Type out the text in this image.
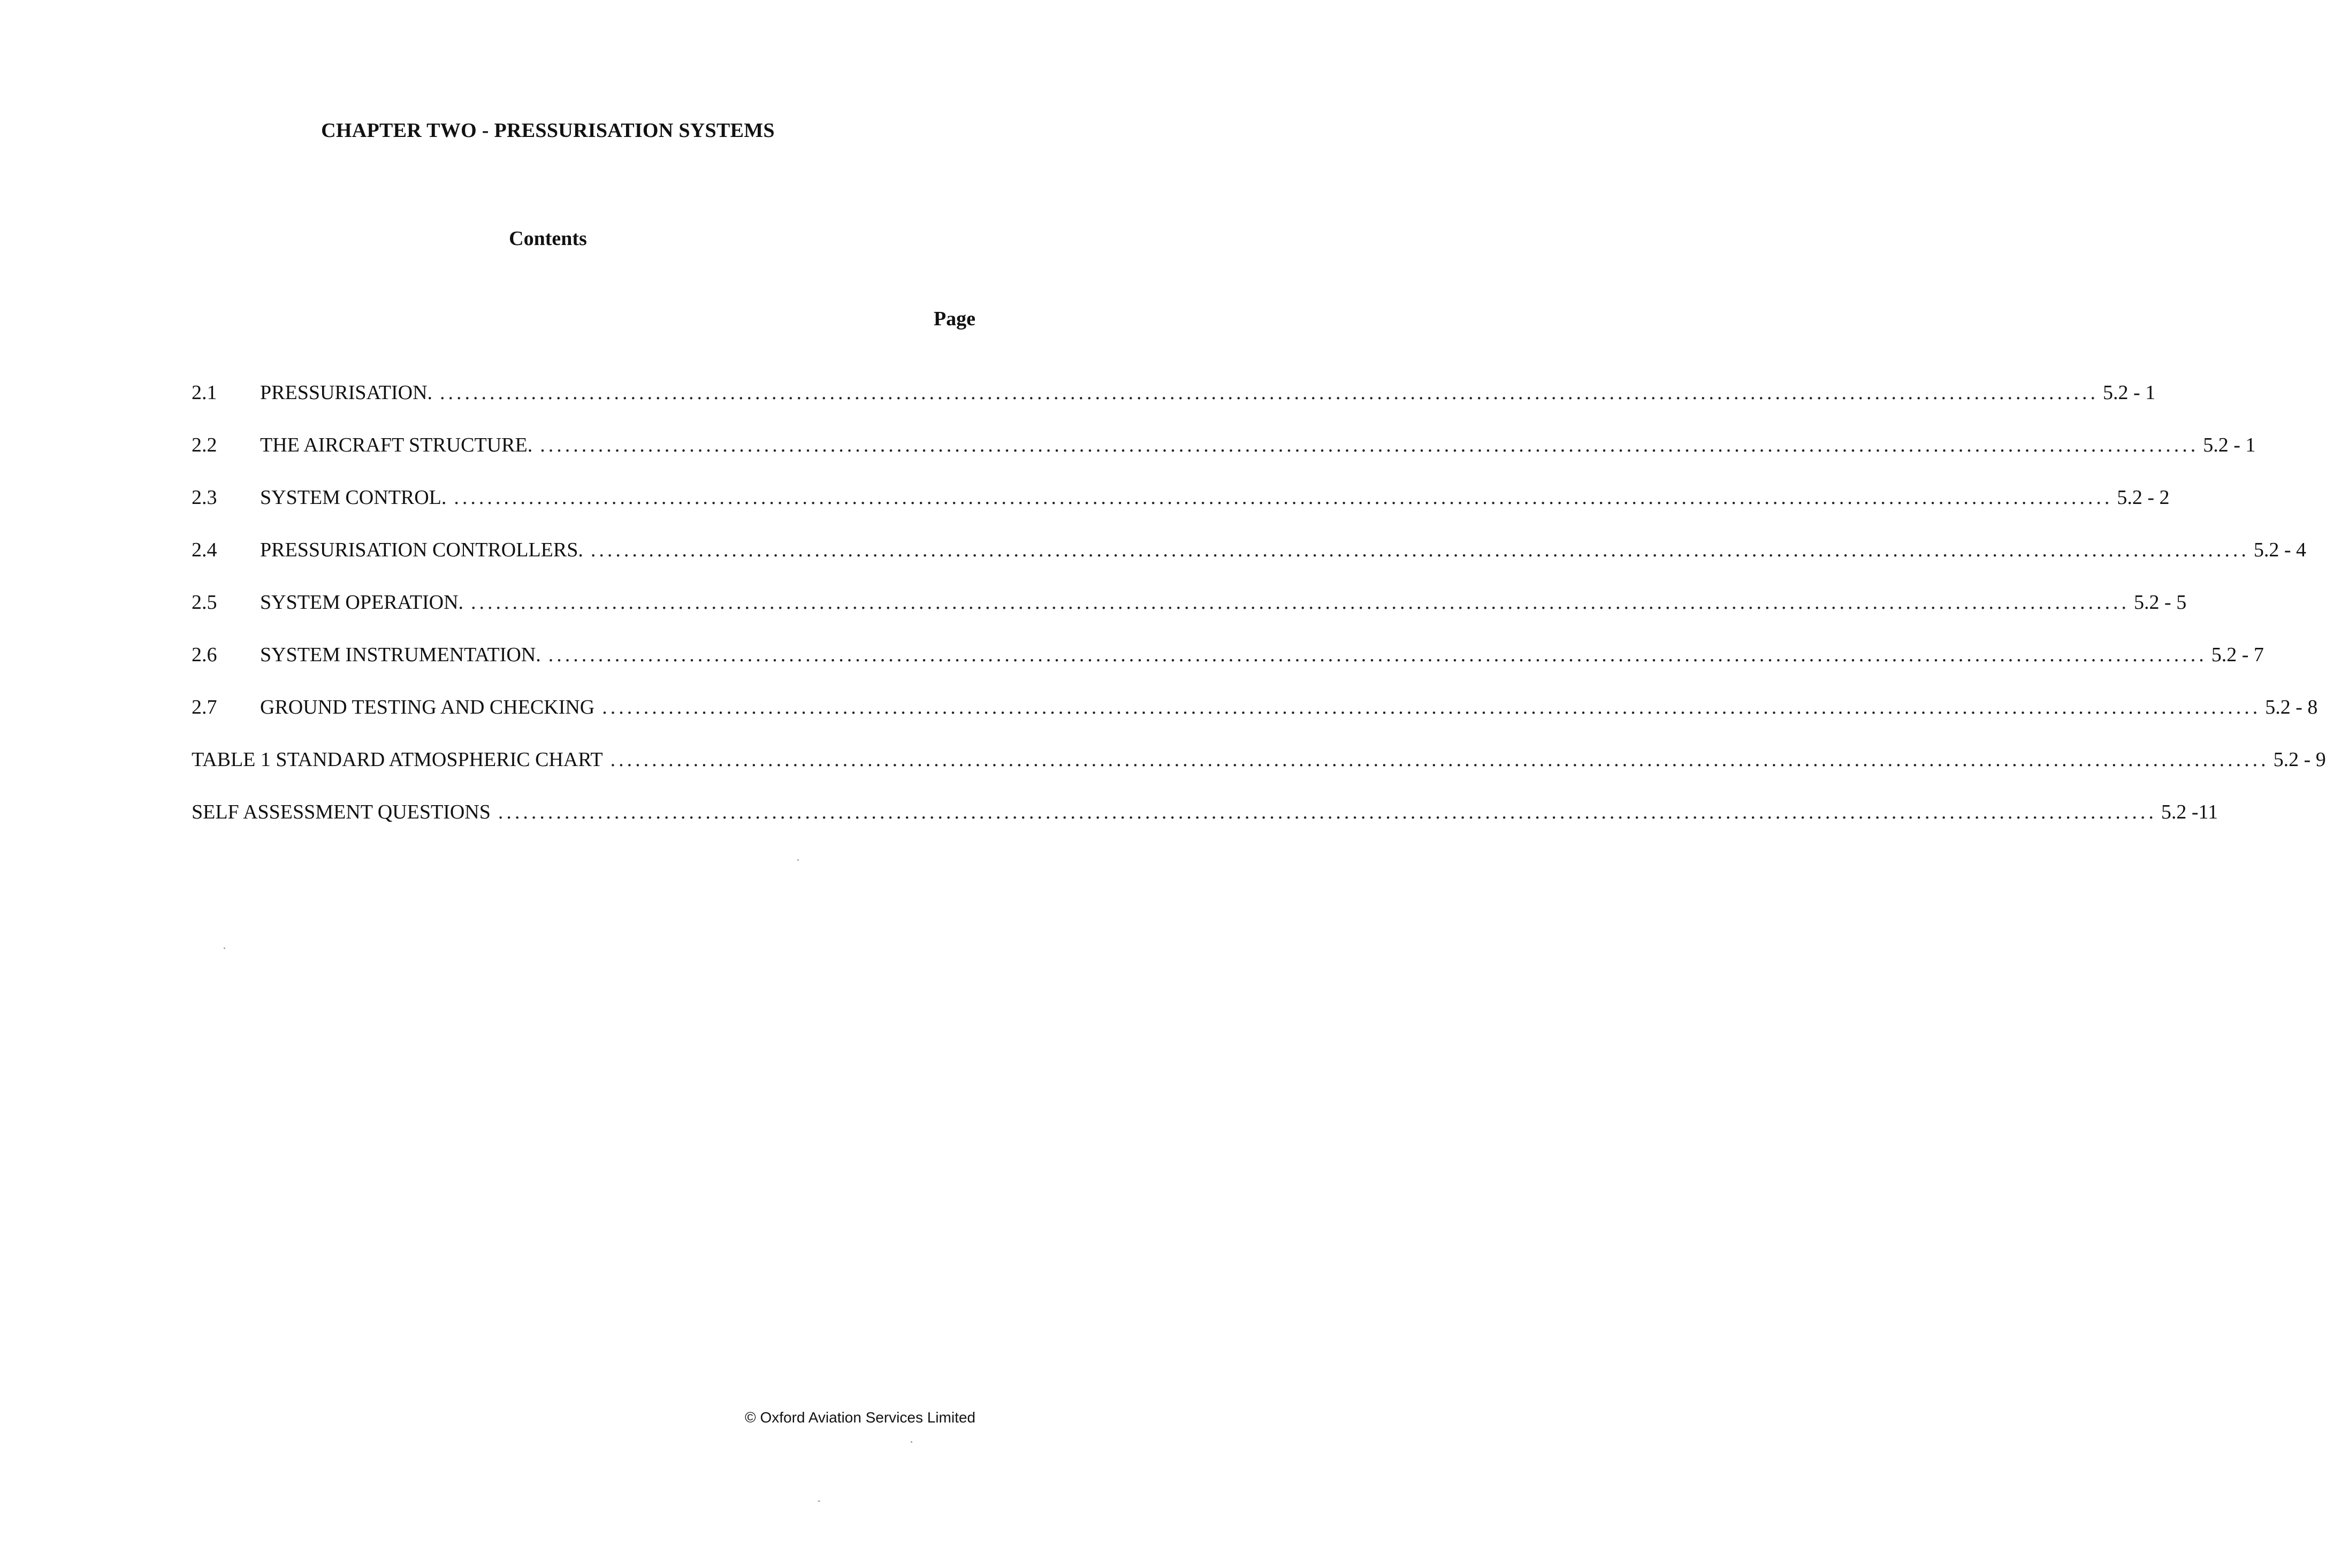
CHAPTER TWO - PRESSURISATION SYSTEMS
Contents
Page
2.1	PRESSURISATION. ........................................................................................................................................................................................................ 5.2 - 1
2.2	THE AIRCRAFT STRUCTURE. ........................................................................................................................................................................................................ 5.2 - 1
2.3	SYSTEM CONTROL. ........................................................................................................................................................................................................ 5.2 - 2
2.4	PRESSURISATION CONTROLLERS. ........................................................................................................................................................................................................ 5.2 - 4
2.5	SYSTEM OPERATION. ........................................................................................................................................................................................................ 5.2 - 5
2.6	SYSTEM INSTRUMENTATION. ........................................................................................................................................................................................................ 5.2 - 7
2.7	GROUND TESTING AND CHECKING ........................................................................................................................................................................................................ 5.2 - 8
TABLE 1 STANDARD ATMOSPHERIC CHART ........................................................................................................................................................................................................ 5.2 - 9
SELF ASSESSMENT QUESTIONS ........................................................................................................................................................................................................ 5.2 -11
© Oxford Aviation Services Limited
